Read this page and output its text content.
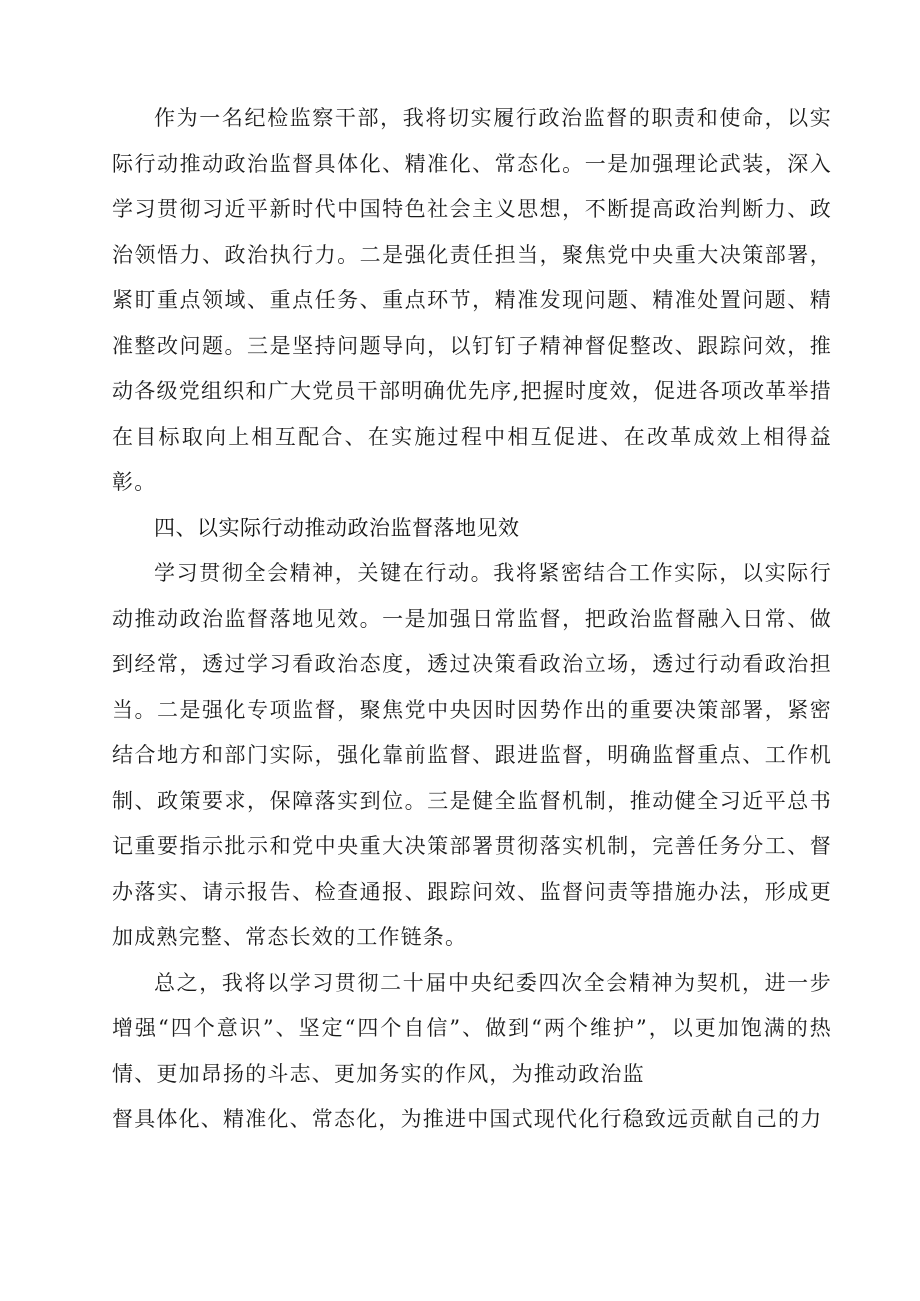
作为一名纪检监察干部，我将切实履行政治监督的职责和使命，以实际行动推动政治监督具体化、精准化、常态化。一是加强理论武装，深入学习贯彻习近平新时代中国特色社会主义思想，不断提高政治判断力、政治领悟力、政治执行力。二是强化责任担当，聚焦党中央重大决策部署，紧盯重点领域、重点任务、重点环节，精准发现问题、精准处置问题、精准整改问题。三是坚持问题导向，以钉钉子精神督促整改、跟踪问效，推动各级党组织和广大党员干部明确优先序,把握时度效，促进各项改革举措在目标取向上相互配合、在实施过程中相互促进、在改革成效上相得益彰。

四、以实际行动推动政治监督落地见效

学习贯彻全会精神，关键在行动。我将紧密结合工作实际，以实际行动推动政治监督落地见效。一是加强日常监督，把政治监督融入日常、做到经常，透过学习看政治态度，透过决策看政治立场，透过行动看政治担当。二是强化专项监督，聚焦党中央因时因势作出的重要决策部署，紧密结合地方和部门实际，强化靠前监督、跟进监督，明确监督重点、工作机制、政策要求，保障落实到位。三是健全监督机制，推动健全习近平总书记重要指示批示和党中央重大决策部署贯彻落实机制，完善任务分工、督办落实、请示报告、检查通报、跟踪问效、监督问责等措施办法，形成更加成熟完整、常态长效的工作链条。

总之，我将以学习贯彻二十届中央纪委四次全会精神为契机，进一步增强“四个意识”、坚定“四个自信”、做到“两个维护”，以更加饱满的热情、更加昂扬的斗志、更加务实的作风，为推动政治监

督具体化、精准化、常态化，为推进中国式现代化行稳致远贡献自己的力
